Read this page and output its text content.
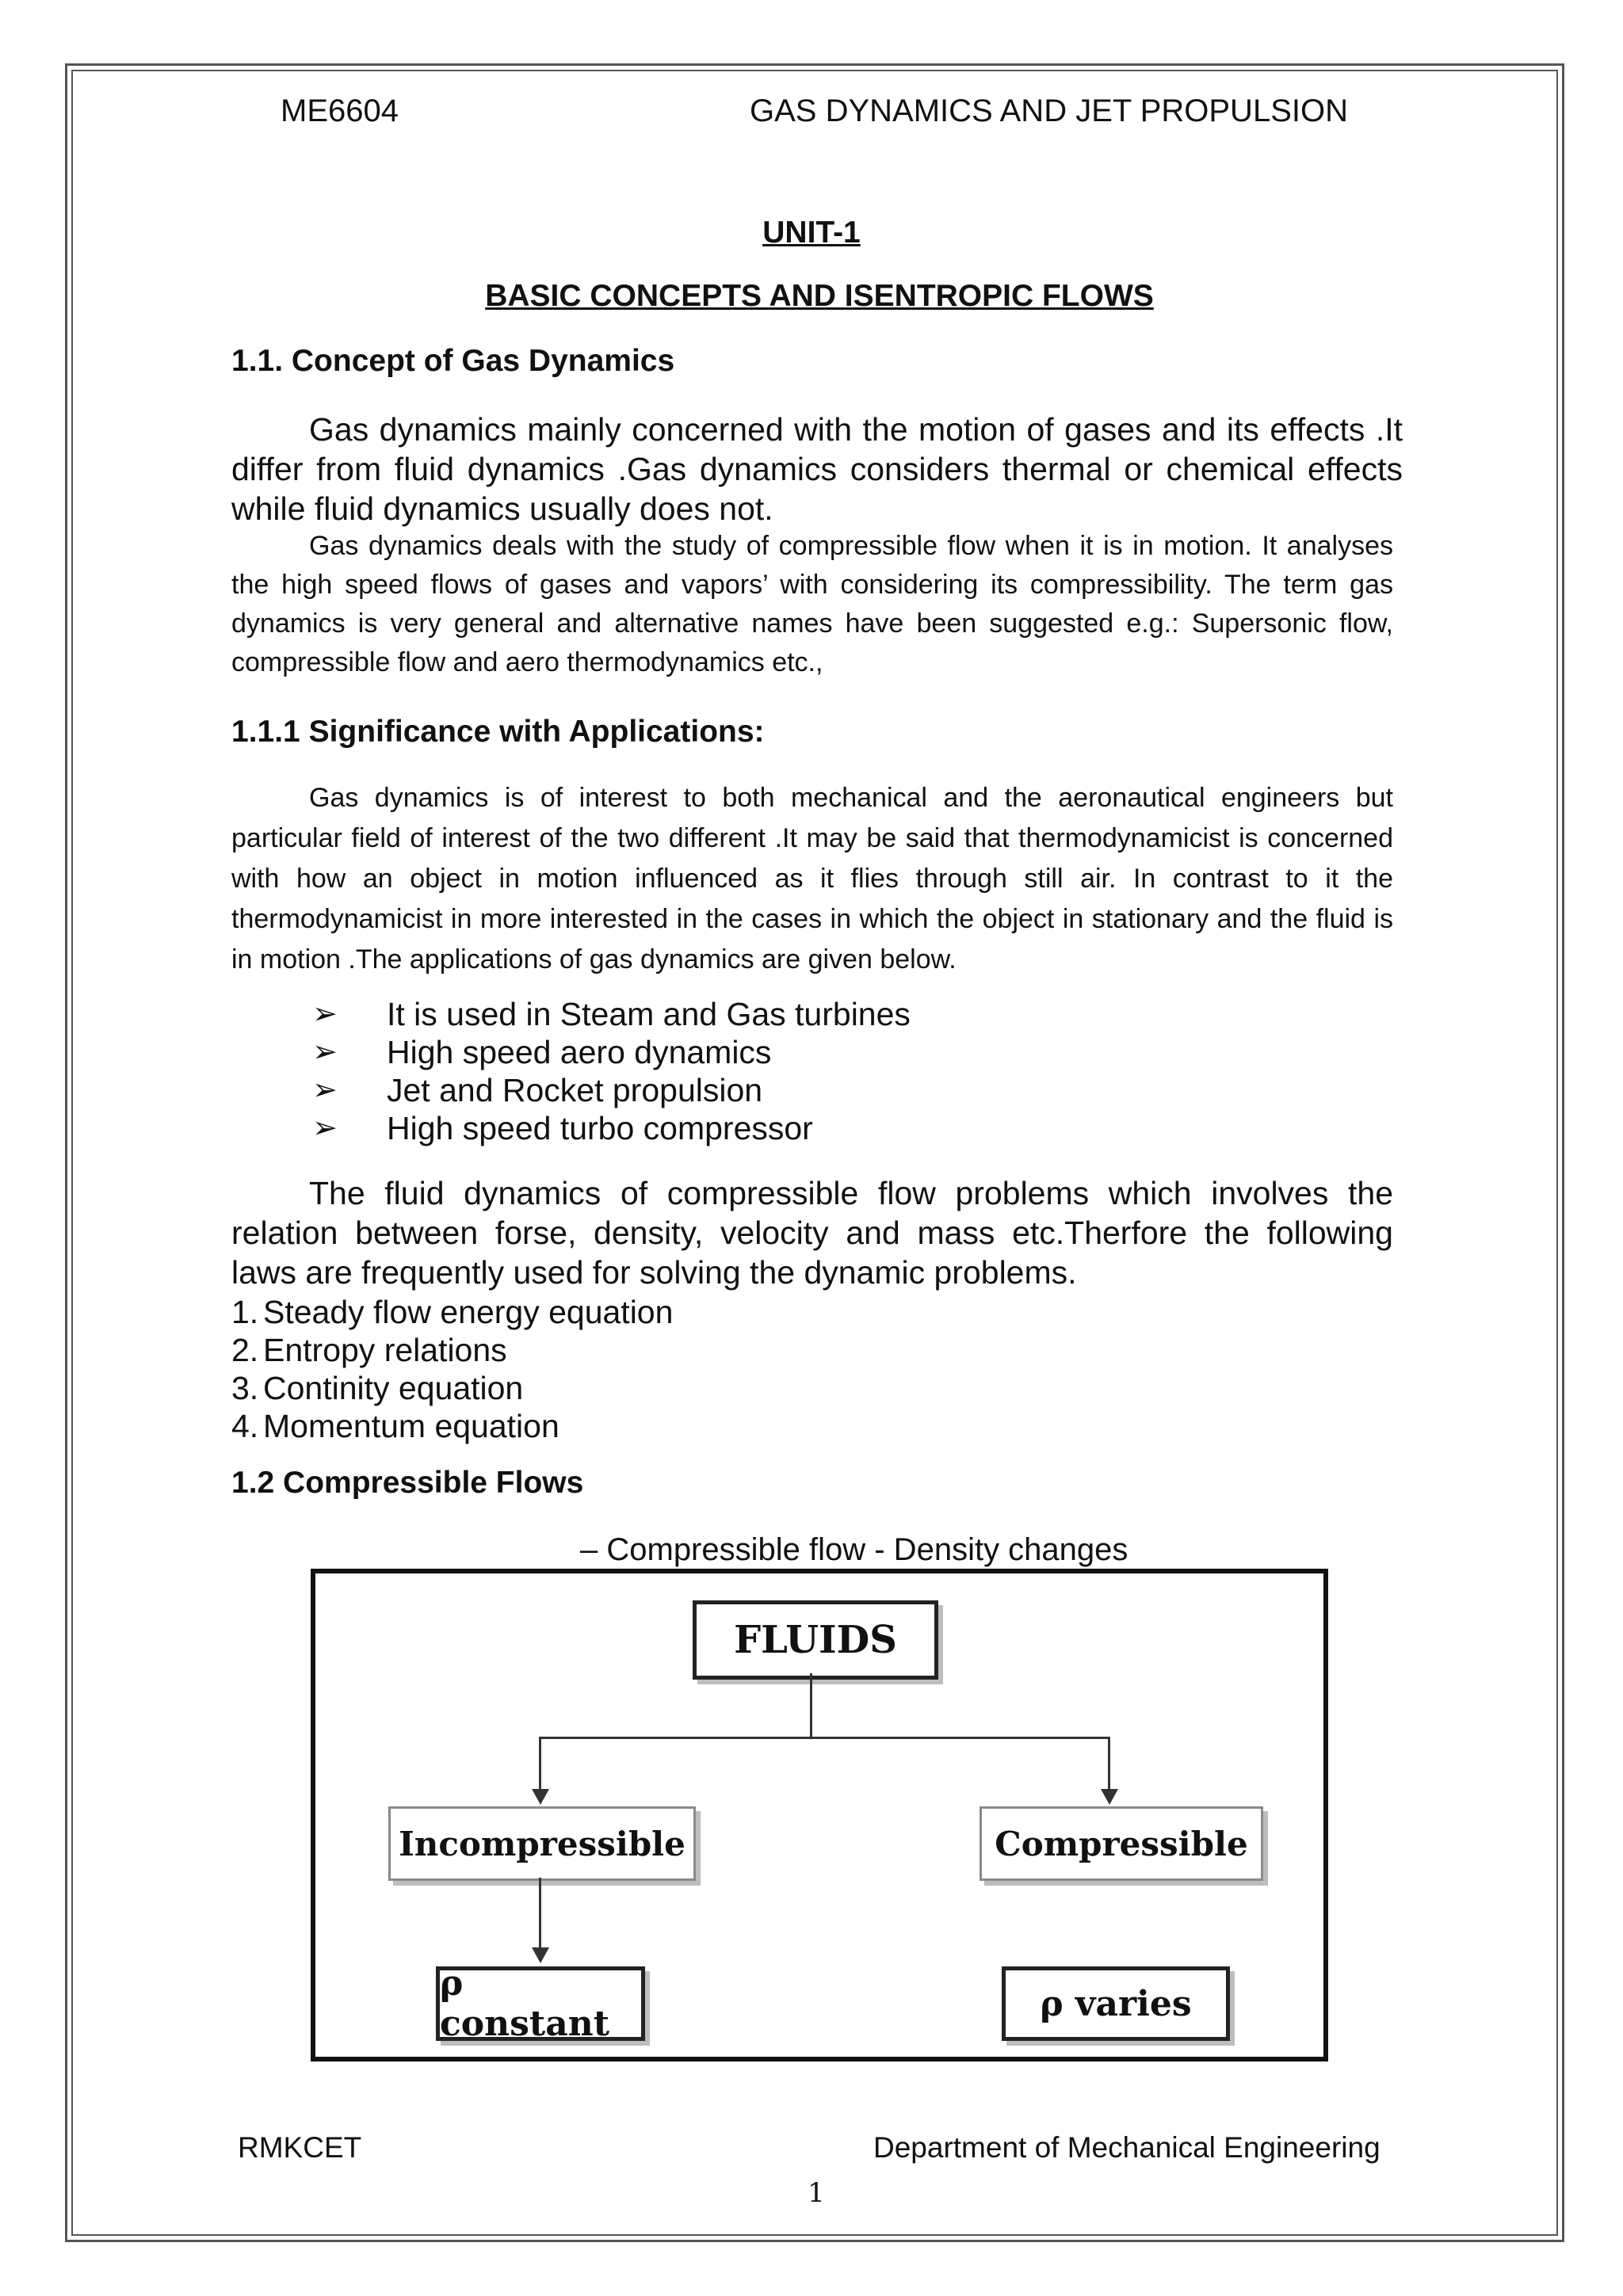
ME6604	GAS DYNAMICS AND JET PROPULSION
UNIT-1
BASIC CONCEPTS AND ISENTROPIC FLOWS
1.1. Concept of Gas Dynamics
Gas dynamics mainly concerned with the motion of gases and its effects .It differ from fluid dynamics .Gas dynamics considers thermal or chemical effects while fluid dynamics usually does not.
Gas dynamics deals with the study of compressible flow when it is in motion. It analyses the high speed flows of gases and vapors’ with considering its compressibility. The term gas dynamics is very general and alternative names have been suggested e.g.: Supersonic flow, compressible flow and aero thermodynamics etc.,
1.1.1 Significance with Applications:
Gas dynamics is of interest to both mechanical and the aeronautical engineers but particular field of interest of the two different .It may be said that thermodynamicist is concerned with how an object in motion influenced as it flies through still air. In contrast to it the thermodynamicist in more interested in the cases in which the object in stationary and the fluid is in motion .The applications of gas dynamics are given below.
➢ It is used in Steam and Gas turbines
➢ High speed aero dynamics
➢ Jet and Rocket propulsion
➢ High speed turbo compressor
The fluid dynamics of compressible flow problems which involves the relation between forse, density, velocity and mass etc.Therfore the following laws are frequently used for solving the dynamic problems.
1. Steady flow energy equation
2. Entropy relations
3. Continity equation
4. Momentum equation
1.2 Compressible Flows
– Compressible flow - Density changes
FLUIDS
Incompressible	Compressible
ρ constant	ρ varies
RMKCET	Department of Mechanical Engineering
1
